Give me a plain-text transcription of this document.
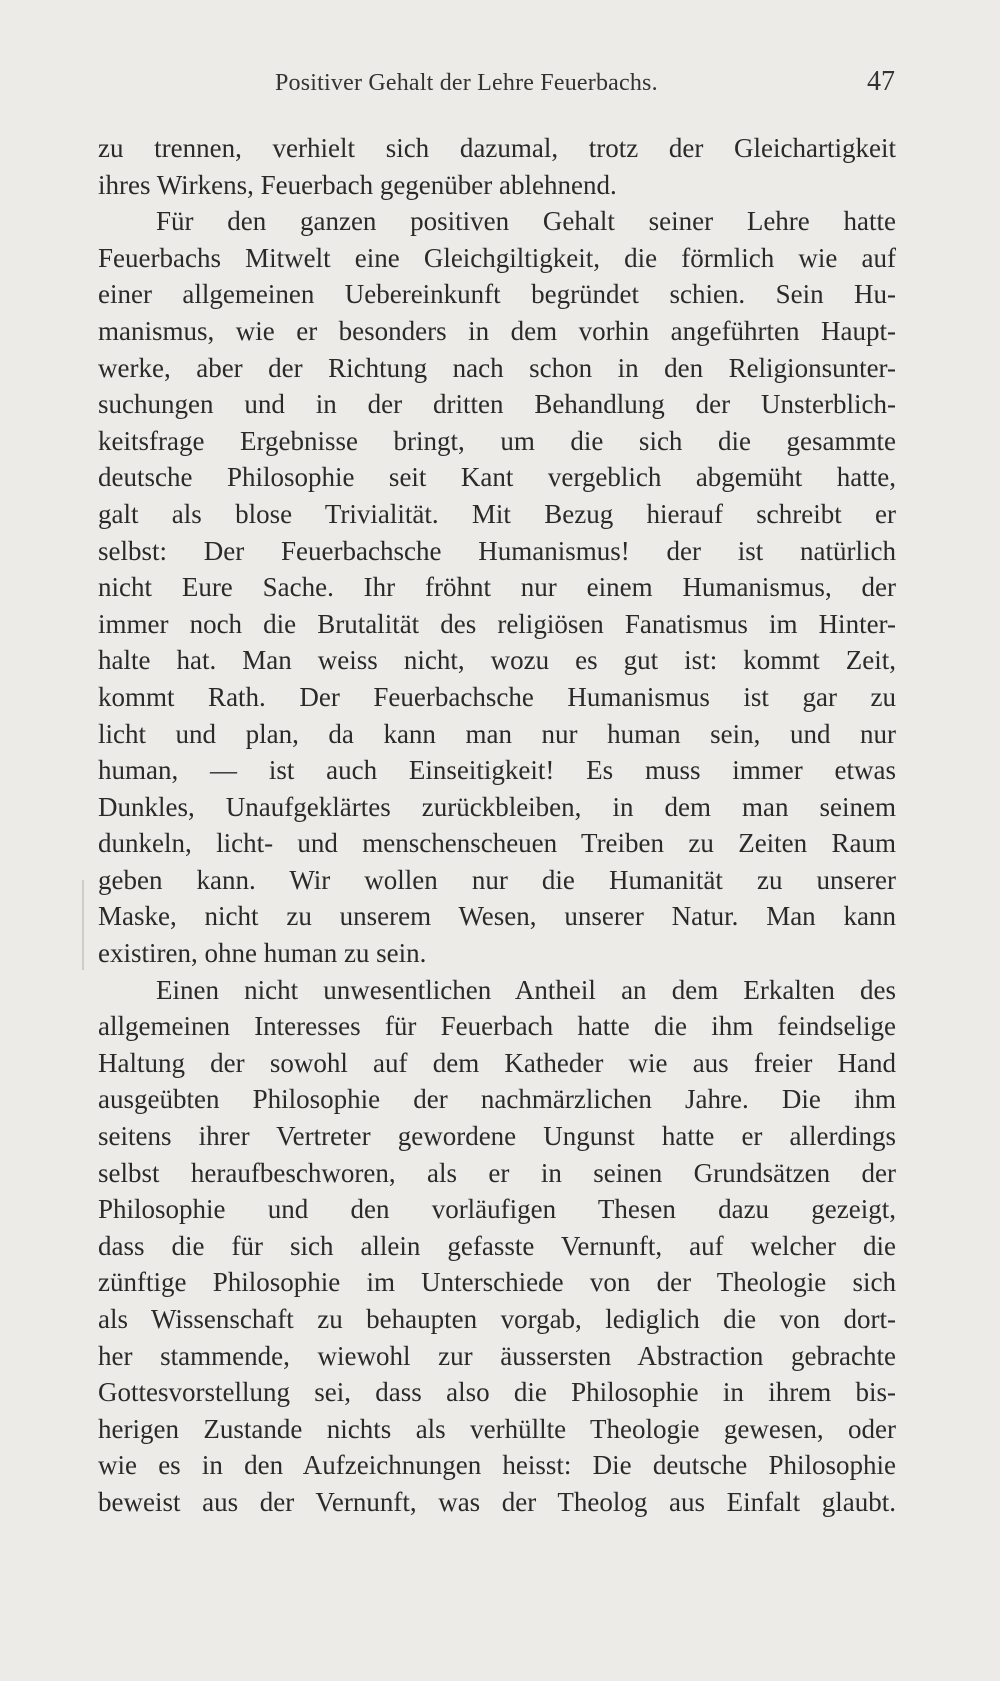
Positiver Gehalt der Lehre Feuerbachs.	47
zu trennen, verhielt sich dazumal, trotz der Gleichartigkeit
ihres Wirkens, Feuerbach gegenüber ablehnend.
Für den ganzen positiven Gehalt seiner Lehre hatte
Feuerbachs Mitwelt eine Gleichgiltigkeit, die förmlich wie auf
einer allgemeinen Uebereinkunft begründet schien. Sein Hu-
manismus, wie er besonders in dem vorhin angeführten Haupt-
werke, aber der Richtung nach schon in den Religionsunter-
suchungen und in der dritten Behandlung der Unsterblich-
keitsfrage Ergebnisse bringt, um die sich die gesammte
deutsche Philosophie seit Kant vergeblich abgemüht hatte,
galt als blose Trivialität. Mit Bezug hierauf schreibt er
selbst: Der Feuerbachsche Humanismus! der ist natürlich
nicht Eure Sache. Ihr fröhnt nur einem Humanismus, der
immer noch die Brutalität des religiösen Fanatismus im Hinter-
halte hat. Man weiss nicht, wozu es gut ist: kommt Zeit,
kommt Rath. Der Feuerbachsche Humanismus ist gar zu
licht und plan, da kann man nur human sein, und nur
human, — ist auch Einseitigkeit! Es muss immer etwas
Dunkles, Unaufgeklärtes zurückbleiben, in dem man seinem
dunkeln, licht- und menschenscheuen Treiben zu Zeiten Raum
geben kann. Wir wollen nur die Humanität zu unserer
Maske, nicht zu unserem Wesen, unserer Natur. Man kann
existiren, ohne human zu sein.
Einen nicht unwesentlichen Antheil an dem Erkalten des
allgemeinen Interesses für Feuerbach hatte die ihm feindselige
Haltung der sowohl auf dem Katheder wie aus freier Hand
ausgeübten Philosophie der nachmärzlichen Jahre. Die ihm
seitens ihrer Vertreter gewordene Ungunst hatte er allerdings
selbst heraufbeschworen, als er in seinen Grundsätzen der
Philosophie und den vorläufigen Thesen dazu gezeigt,
dass die für sich allein gefasste Vernunft, auf welcher die
zünftige Philosophie im Unterschiede von der Theologie sich
als Wissenschaft zu behaupten vorgab, lediglich die von dort-
her stammende, wiewohl zur äussersten Abstraction gebrachte
Gottesvorstellung sei, dass also die Philosophie in ihrem bis-
herigen Zustande nichts als verhüllte Theologie gewesen, oder
wie es in den Aufzeichnungen heisst: Die deutsche Philosophie
beweist aus der Vernunft, was der Theolog aus Einfalt glaubt.
